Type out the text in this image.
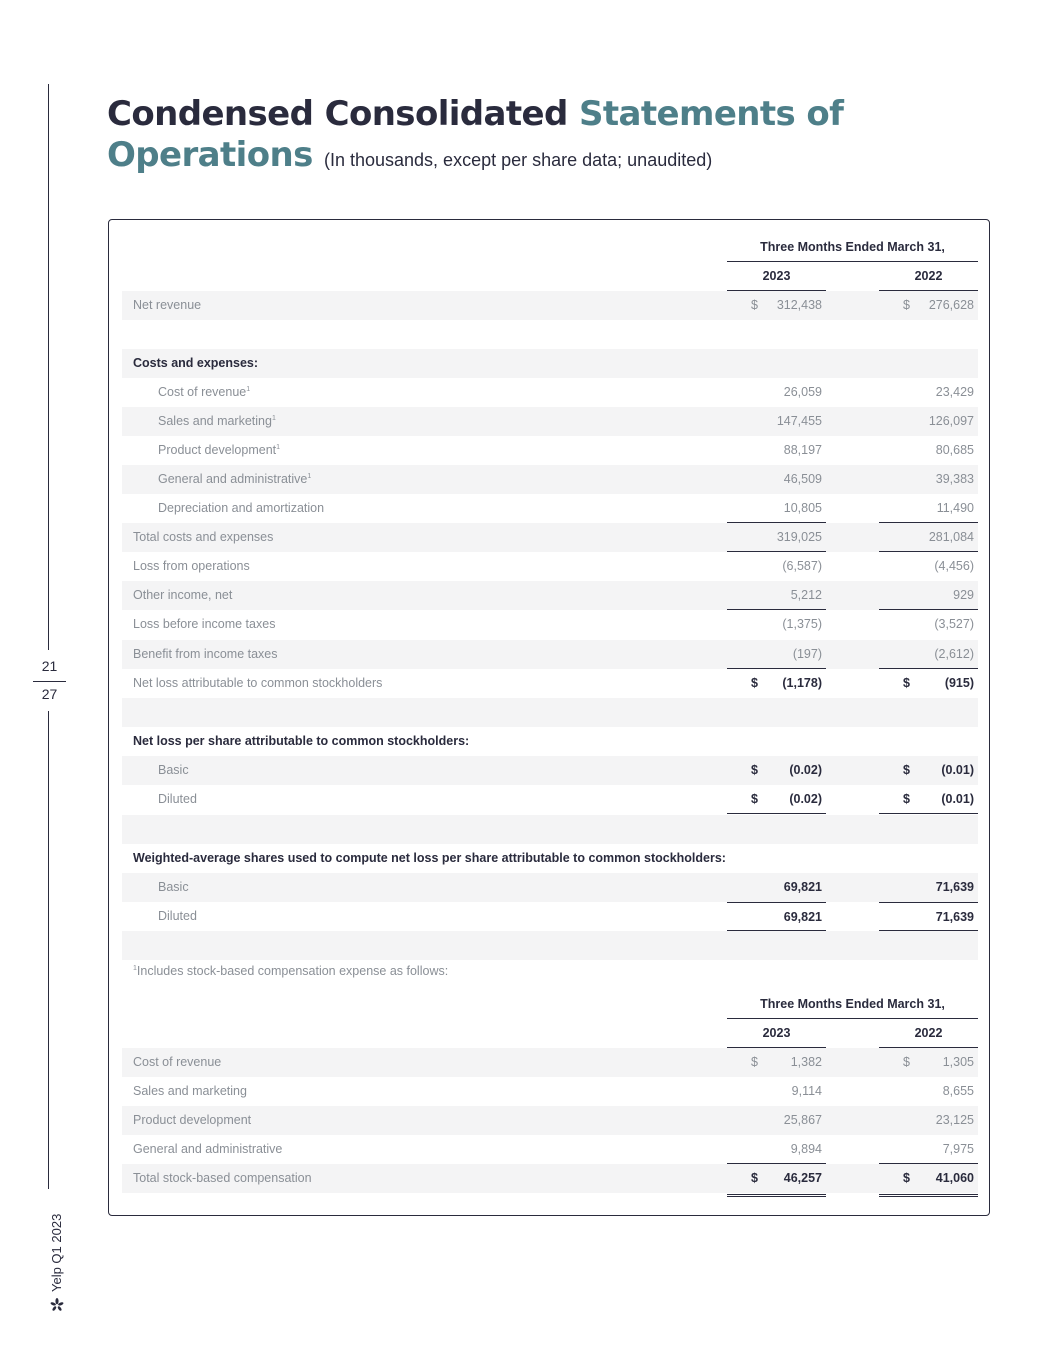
21
27
Yelp Q1 2023
Condensed Consolidated Statements of
Operations (In thousands, except per share data; unaudited)
Three Months Ended March 31,
2023	2022
Net revenue	$ 312,438	$ 276,628
Costs and expenses:
Cost of revenue$^1$	26,059	23,429
Sales and marketing$^1$	147,455	126,097
Product development$^1$	88,197	80,685
General and administrative$^1$	46,509	39,383
Depreciation and amortization	10,805	11,490
Total costs and expenses	319,025	281,084
Loss from operations	(6,587)	(4,456)
Other income, net	5,212	929
Loss before income taxes	(1,375)	(3,527)
Benefit from income taxes	(197)	(2,612)
Net loss attributable to common stockholders	$ (1,178)	$	(915)
Net loss per share attributable to common stockholders:
Basic	$	(0.02)	$	(0.01)
Diluted	$	(0.02)	$	(0.01)
Weighted-average shares used to compute net loss per share attributable to common stockholders:
Basic	69,821	71,639
Diluted	69,821	71,639
$^1$Includes stock-based compensation expense as follows:
Three Months Ended March 31,
2023	2022
Cost of revenue	$	1,382	$	1,305
Sales and marketing	9,114	8,655
Product development	25,867	23,125
General and administrative	9,894	7,975
Total stock-based compensation	$ 46,257	$ 41,060
